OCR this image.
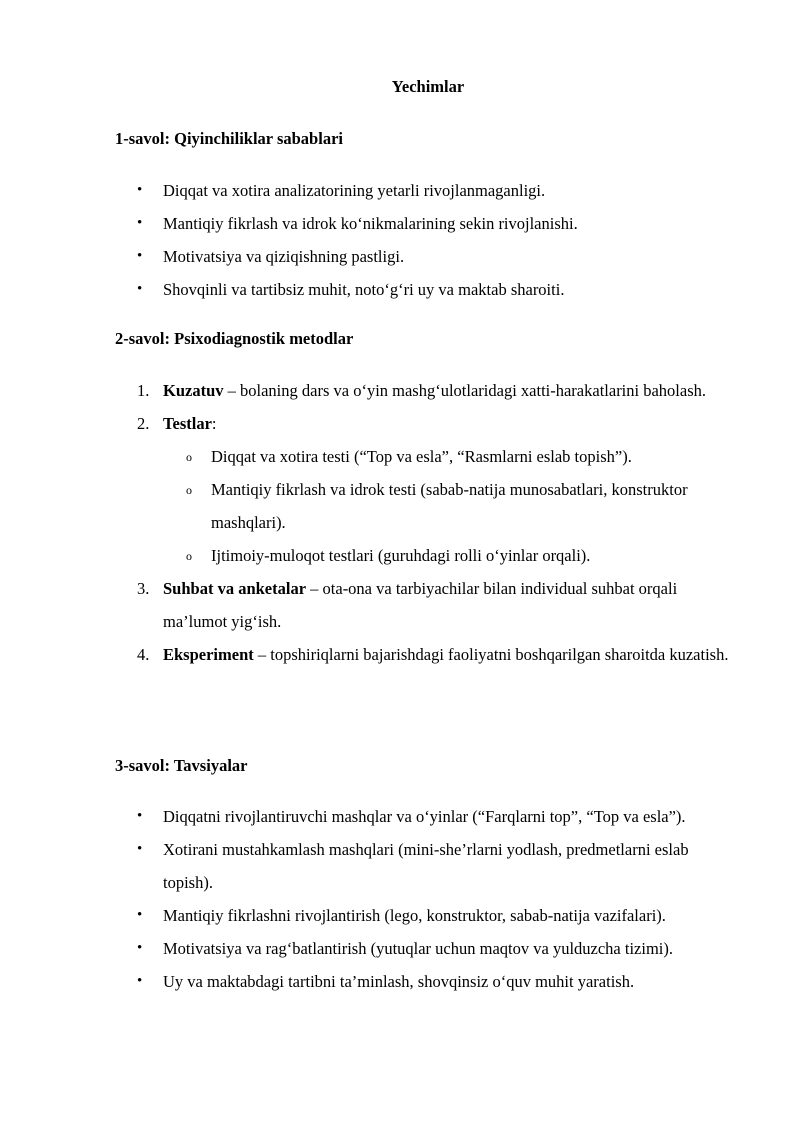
Yechimlar
1-savol: Qiyinchiliklar sabablari
•	Diqqat va xotira analizatorining yetarli rivojlanmaganligi.
•	Mantiqiy fikrlash va idrok ko‘nikmalarining sekin rivojlanishi.
•	Motivatsiya va qiziqishning pastligi.
•	Shovqinli va tartibsiz muhit, noto‘g‘ri uy va maktab sharoiti.
2-savol: Psixodiagnostik metodlar
1. Kuzatuv – bolaning dars va o‘yin mashg‘ulotlaridagi xatti-harakatlarini baholash.
2. Testlar:
o	Diqqat va xotira testi (“Top va esla”, “Rasmlarni eslab topish”).
o	Mantiqiy fikrlash va idrok testi (sabab-natija munosabatlari, konstruktor mashqlari).
o	Ijtimoiy-muloqot testlari (guruhdagi rolli o‘yinlar orqali).
3. Suhbat va anketalar – ota-ona va tarbiyachilar bilan individual suhbat orqali ma’lumot yig‘ish.
4. Eksperiment – topshiriqlarni bajarishdagi faoliyatni boshqarilgan sharoitda kuzatish.
3-savol: Tavsiyalar
•	Diqqatni rivojlantiruvchi mashqlar va o‘yinlar (“Farqlarni top”, “Top va esla”).
•	Xotirani mustahkamlash mashqlari (mini-she’rlarni yodlash, predmetlarni eslab topish).
•	Mantiqiy fikrlashni rivojlantirish (lego, konstruktor, sabab-natija vazifalari).
•	Motivatsiya va rag‘batlantirish (yutuqlar uchun maqtov va yulduzcha tizimi).
•	Uy va maktabdagi tartibni ta’minlash, shovqinsiz o‘quv muhit yaratish.
